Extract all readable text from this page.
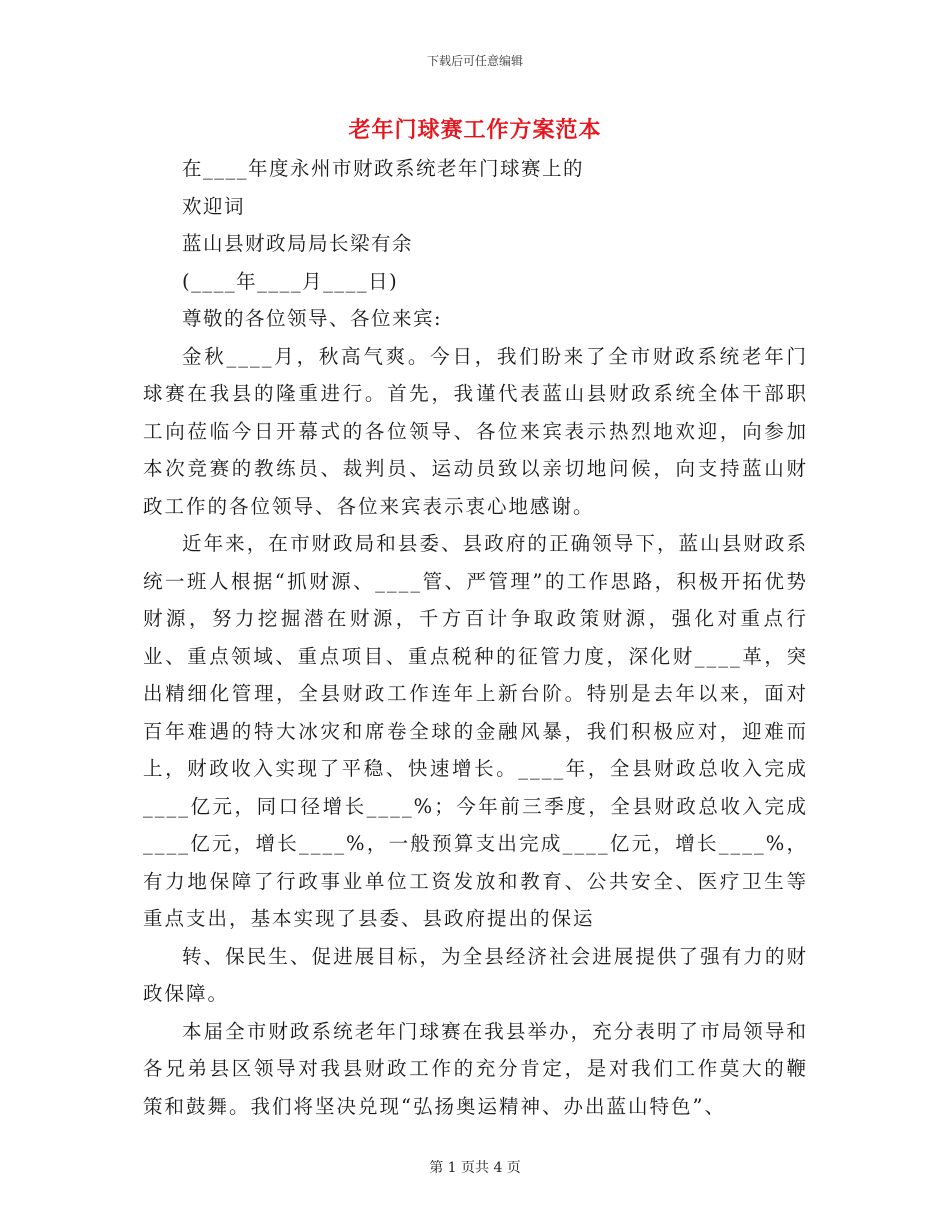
下载后可任意编辑
老年门球赛工作方案范本
在____年度永州市财政系统老年门球赛上的
欢迎词
蓝山县财政局局长梁有余
(____年____月____日)
尊敬的各位领导、各位来宾:

金秋____月，秋高气爽。今日，我们盼来了全市财政系统老年门球赛在我县的隆重进行。首先，我谨代表蓝山县财政系统全体干部职工向莅临今日开幕式的各位领导、各位来宾表示热烈地欢迎，向参加本次竞赛的教练员、裁判员、运动员致以亲切地问候，向支持蓝山财政工作的各位领导、各位来宾表示衷心地感谢。

近年来，在市财政局和县委、县政府的正确领导下，蓝山县财政系统一班人根据“抓财源、____管、严管理”的工作思路，积极开拓优势财源，努力挖掘潜在财源，千方百计争取政策财源，强化对重点行业、重点领域、重点项目、重点税种的征管力度，深化财____革，突出精细化管理，全县财政工作连年上新台阶。特别是去年以来，面对百年难遇的特大冰灾和席卷全球的金融风暴，我们积极应对，迎难而上，财政收入实现了平稳、快速增长。____年，全县财政总收入完成____亿元，同口径增长____%；今年前三季度，全县财政总收入完成____亿元，增长____%，一般预算支出完成____亿元，增长____%，有力地保障了行政事业单位工资发放和教育、公共安全、医疗卫生等重点支出，基本实现了县委、县政府提出的保运

转、保民生、促进展目标，为全县经济社会进展提供了强有力的财政保障。

本届全市财政系统老年门球赛在我县举办，充分表明了市局领导和各兄弟县区领导对我县财政工作的充分肯定，是对我们工作莫大的鞭策和鼓舞。我们将坚决兑现“弘扬奥运精神、办出蓝山特色”、

第 1 页共 4 页
